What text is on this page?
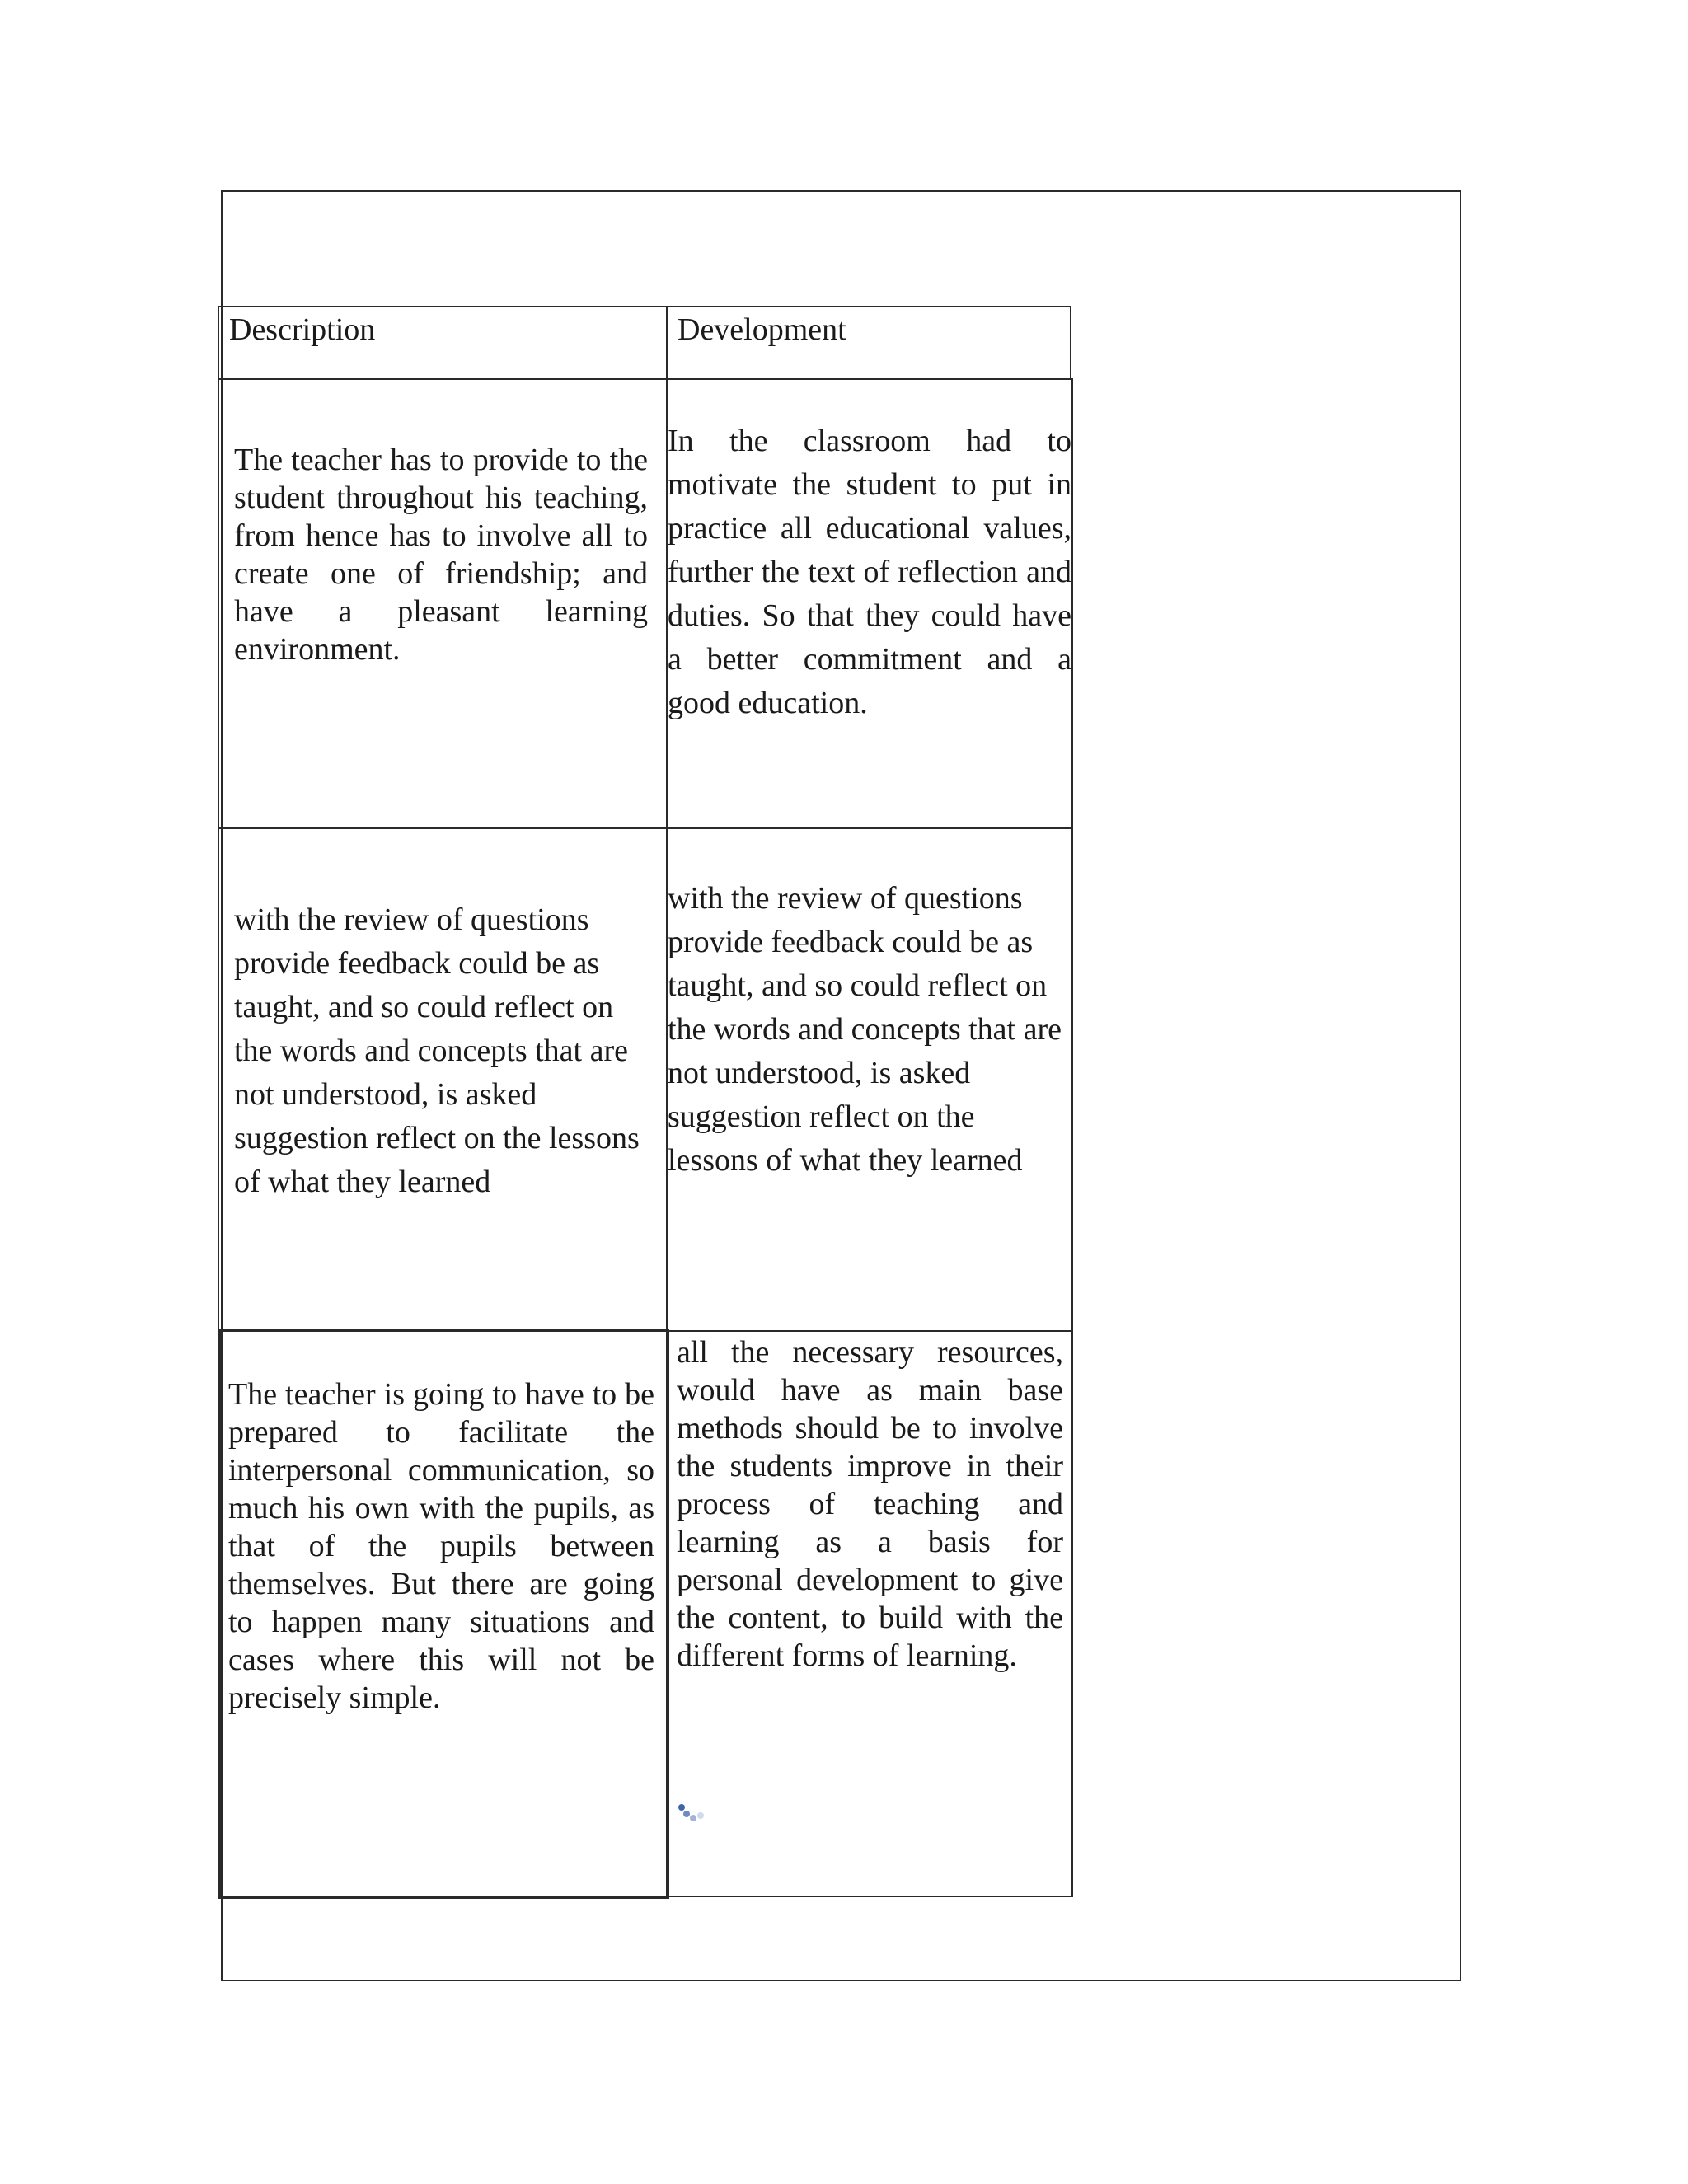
Description	Development
The teacher has to provide to the student throughout his teaching, from hence has to involve all to create one of friendship; and have a pleasant learning environment.
In the classroom had to motivate the student to put in practice all educational values, further the text of reflection and duties. So that they could have a better commitment and a good education.
with the review of questions provide feedback could be as taught, and so could reflect on the words and concepts that are not understood, is asked suggestion reflect on the lessons of what they learned
with the review of questions provide feedback could be as taught, and so could reflect on the words and concepts that are not understood, is asked suggestion reflect on the lessons of what they learned
The teacher is going to have to be prepared to facilitate the interpersonal communication, so much his own with the pupils, as that of the pupils between themselves. But there are going to happen many situations and cases where this will not be precisely simple.
all the necessary resources, would have as main base methods should be to involve the students improve in their process of teaching and learning as a basis for personal development to give the content, to build with the different forms of learning.
